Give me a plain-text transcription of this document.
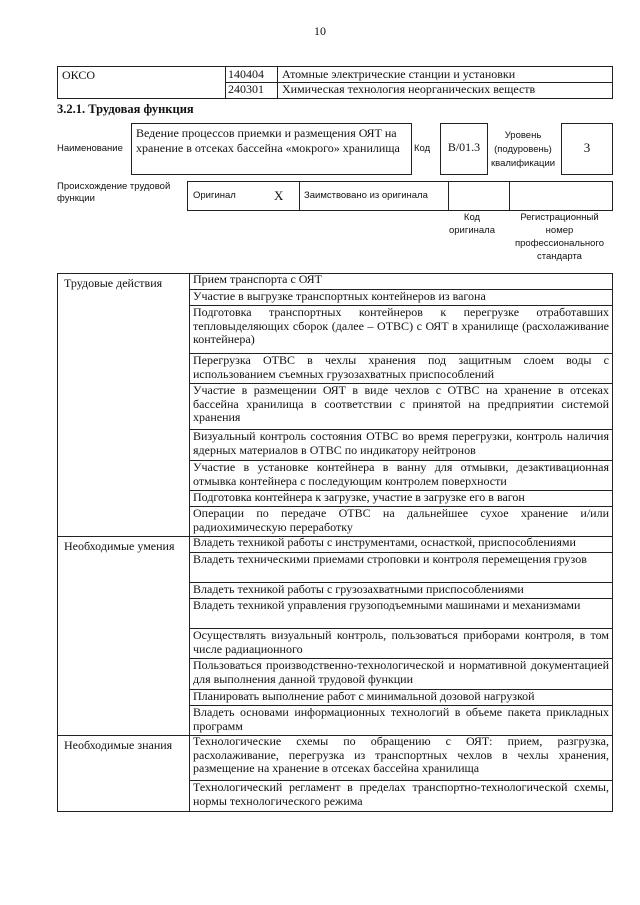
10
ОКСО	140404 Атомные электрические станции и установки
240301 Химическая технология неорганических веществ
3.2.1. Трудовая функция
Наименование

Ведение процессов приемки и размещения ОЯТ на хранение в отсеках бассейна «мокрого» хранилища	Код	B/01.3
Уровень (подуровень) квалификации
3
Происхождение трудовой функции	Оригинал	X Заимствовано из оригинала
Код оригинала
Регистрационный номер профессионального стандарта
Трудовые действия	Прием транспорта с ОЯТ

Участие в выгрузке транспортных контейнеров из вагона

Подготовка транспортных контейнеров к перегрузке отработавших тепловыделяющих сборок (далее – ОТВС) с ОЯТ в хранилище (расхолаживание контейнера)

Перегрузка ОТВС в чехлы хранения под защитным слоем воды с использованием съемных грузозахватных приспособлений

Участие в размещении ОЯТ в виде чехлов с ОТВС на хранение в отсеках бассейна хранилища в соответствии с принятой на предприятии системой хранения

Визуальный контроль состояния ОТВС во время перегрузки, контроль наличия ядерных материалов в ОТВС по индикатору нейтронов

Участие в установке контейнера в ванну для отмывки, дезактивационная отмывка контейнера с последующим контролем поверхности

Подготовка контейнера к загрузке, участие в загрузке его в вагон

Операции по передаче ОТВС на дальнейшее сухое хранение и/или радиохимическую переработку

Необходимые умения	Владеть техникой работы с инструментами, оснасткой, приспособлениями

Владеть техническими приемами строповки и контроля перемещения грузов

Владеть техникой работы с грузозахватными приспособлениями

Владеть техникой управления грузоподъемными машинами и механизмами

Осуществлять визуальный контроль, пользоваться приборами контроля, в том числе радиационного

Пользоваться производственно-технологической и нормативной документацией для выполнения данной трудовой функции

Планировать выполнение работ с минимальной дозовой нагрузкой

Владеть основами информационных технологий в объеме пакета прикладных программ

Необходимые знания	Технологические схемы по обращению с ОЯТ: прием, разгрузка, расхолаживание, перегрузка из транспортных чехлов в чехлы хранения, размещение на хранение в отсеках бассейна хранилища

Технологический регламент в пределах транспортно-технологической схемы, нормы технологического режима
